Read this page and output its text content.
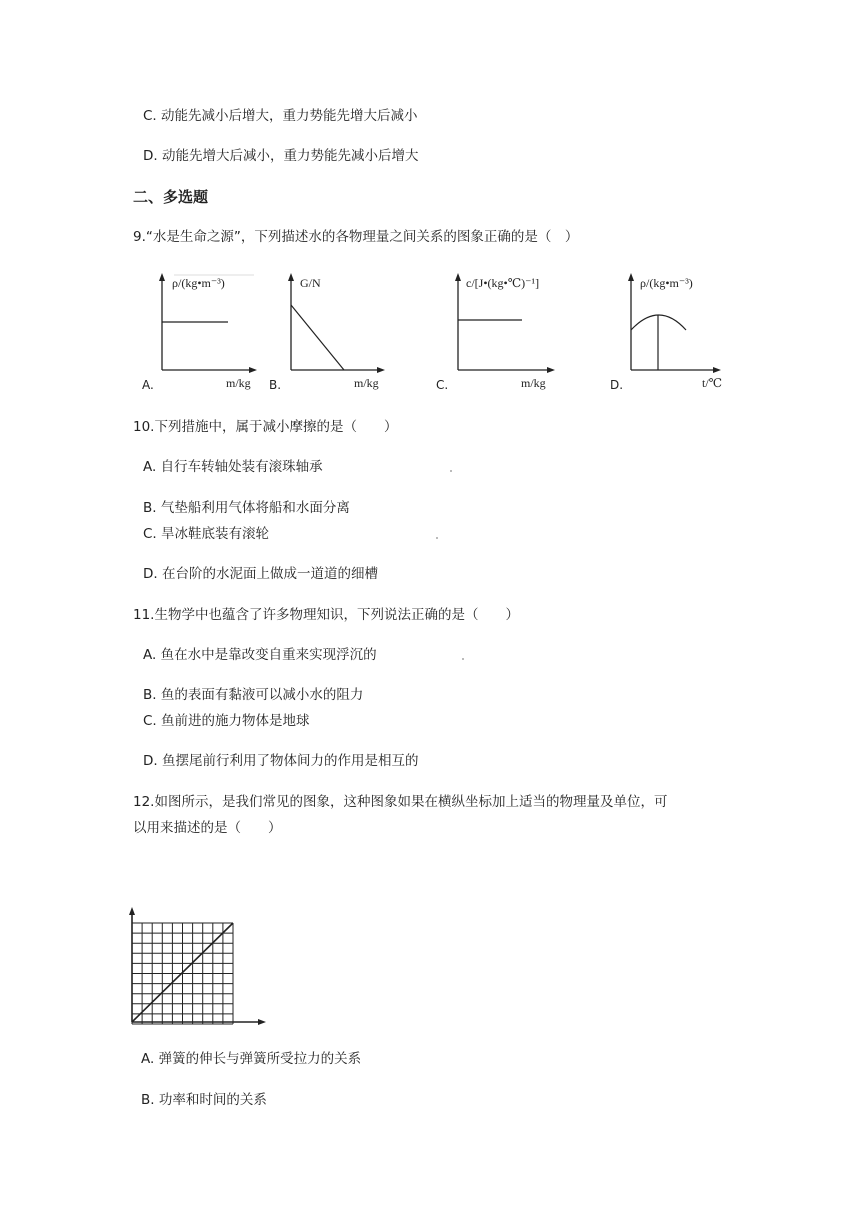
C. 动能先减小后增大，重力势能先增大后减小
D. 动能先增大后减小，重力势能先减小后增大
二、多选题
9.“水是生命之源”，下列描述水的各物理量之间关系的图象正确的是（　）
ρ/(kg•m⁻³)
m/kg
A.
G/N
m/kg
B.
c/[J•(kg•℃)⁻¹]
m/kg
C.
ρ/(kg•m⁻³)
t/℃
D.
10.下列措施中，属于减小摩擦的是（　　）
A. 自行车转轴处装有滚珠轴承
B. 气垫船利用气体将船和水面分离
C. 旱冰鞋底装有滚轮
D. 在台阶的水泥面上做成一道道的细槽
11.生物学中也蕴含了许多物理知识，下列说法正确的是（　　）
A. 鱼在水中是靠改变自重来实现浮沉的
B. 鱼的表面有黏液可以减小水的阻力
C. 鱼前进的施力物体是地球
D. 鱼摆尾前行利用了物体间力的作用是相互的
12.如图所示，是我们常见的图象，这种图象如果在横纵坐标加上适当的物理量及单位，可
以用来描述的是（　　）
A. 弹簧的伸长与弹簧所受拉力的关系
B. 功率和时间的关系
